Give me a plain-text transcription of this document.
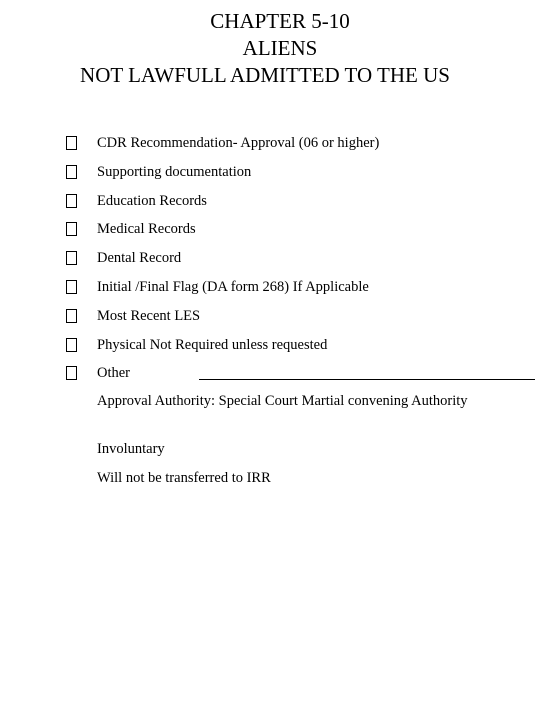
CHAPTER 5-10
ALIENS
NOT LAWFULL ADMITTED TO THE US
CDR Recommendation- Approval (06 or higher)
Supporting documentation
Education Records
Medical Records
Dental Record
Initial /Final Flag (DA form 268) If Applicable
Most Recent LES
Physical Not Required unless requested
Other
Approval Authority: Special Court Martial convening Authority
Involuntary
Will not be transferred to IRR
